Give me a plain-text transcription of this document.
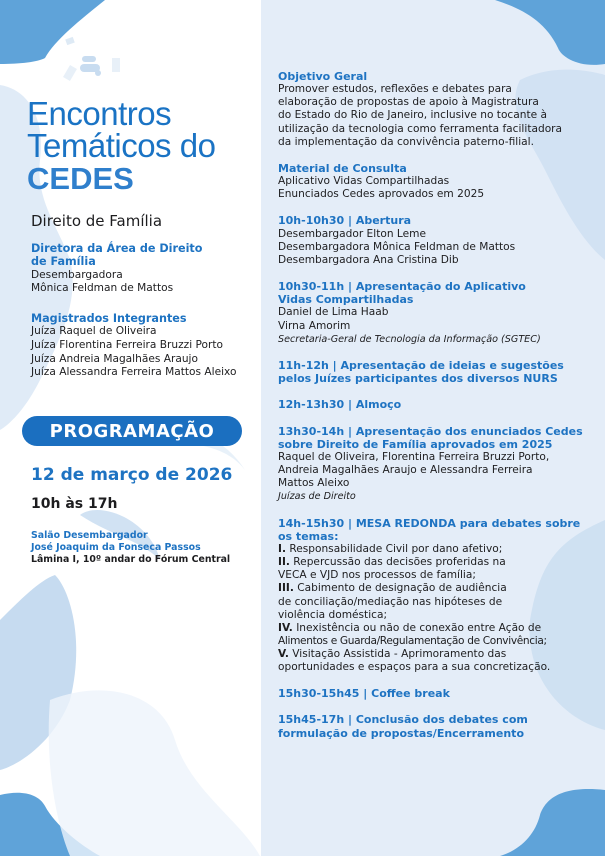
Encontros
Temáticos do
CEDES
Direito de Família
Diretora da Área de Direito
de Família
Desembargadora
Mônica Feldman de Mattos
Magistrados Integrantes
Juíza Raquel de Oliveira
Juíza Florentina Ferreira Bruzzi Porto
Juíza Andreia Magalhães Araujo
Juíza Alessandra Ferreira Mattos Aleixo
PROGRAMAÇÃO
12 de março de 2026
10h às 17h
Salão Desembargador
José Joaquim da Fonseca Passos
Lâmina I, 10º andar do Fórum Central
Objetivo Geral
Promover estudos, reflexões e debates para
elaboração de propostas de apoio à Magistratura
do Estado do Rio de Janeiro, inclusive no tocante à
utilização da tecnologia como ferramenta facilitadora
da implementação da convivência paterno-filial.
Material de Consulta
Aplicativo Vidas Compartilhadas
Enunciados Cedes aprovados em 2025
10h-10h30 | Abertura
Desembargador Elton Leme
Desembargadora Mônica Feldman de Mattos
Desembargadora Ana Cristina Dib
10h30-11h | Apresentação do Aplicativo
Vidas Compartilhadas
Daniel de Lima Haab
Virna Amorim
Secretaria-Geral de Tecnologia da Informação (SGTEC)
11h-12h | Apresentação de ideias e sugestões
pelos Juízes participantes dos diversos NURS
12h-13h30 | Almoço
13h30-14h | Apresentação dos enunciados Cedes
sobre Direito de Família aprovados em 2025
Raquel de Oliveira, Florentina Ferreira Bruzzi Porto,
Andreia Magalhães Araujo e Alessandra Ferreira
Mattos Aleixo
Juízas de Direito
14h-15h30 | MESA REDONDA para debates sobre
os temas:
I. Responsabilidade Civil por dano afetivo;
II. Repercussão das decisões proferidas na
VECA e VJD nos processos de família;
III. Cabimento de designação de audiência
de conciliação/mediação nas hipóteses de
violência doméstica;
IV. Inexistência ou não de conexão entre Ação de
Alimentos e Guarda/Regulamentação de Convivência;
V. Visitação Assistida - Aprimoramento das
oportunidades e espaços para a sua concretização.
15h30-15h45 | Coffee break
15h45-17h | Conclusão dos debates com
formulação de propostas/Encerramento
